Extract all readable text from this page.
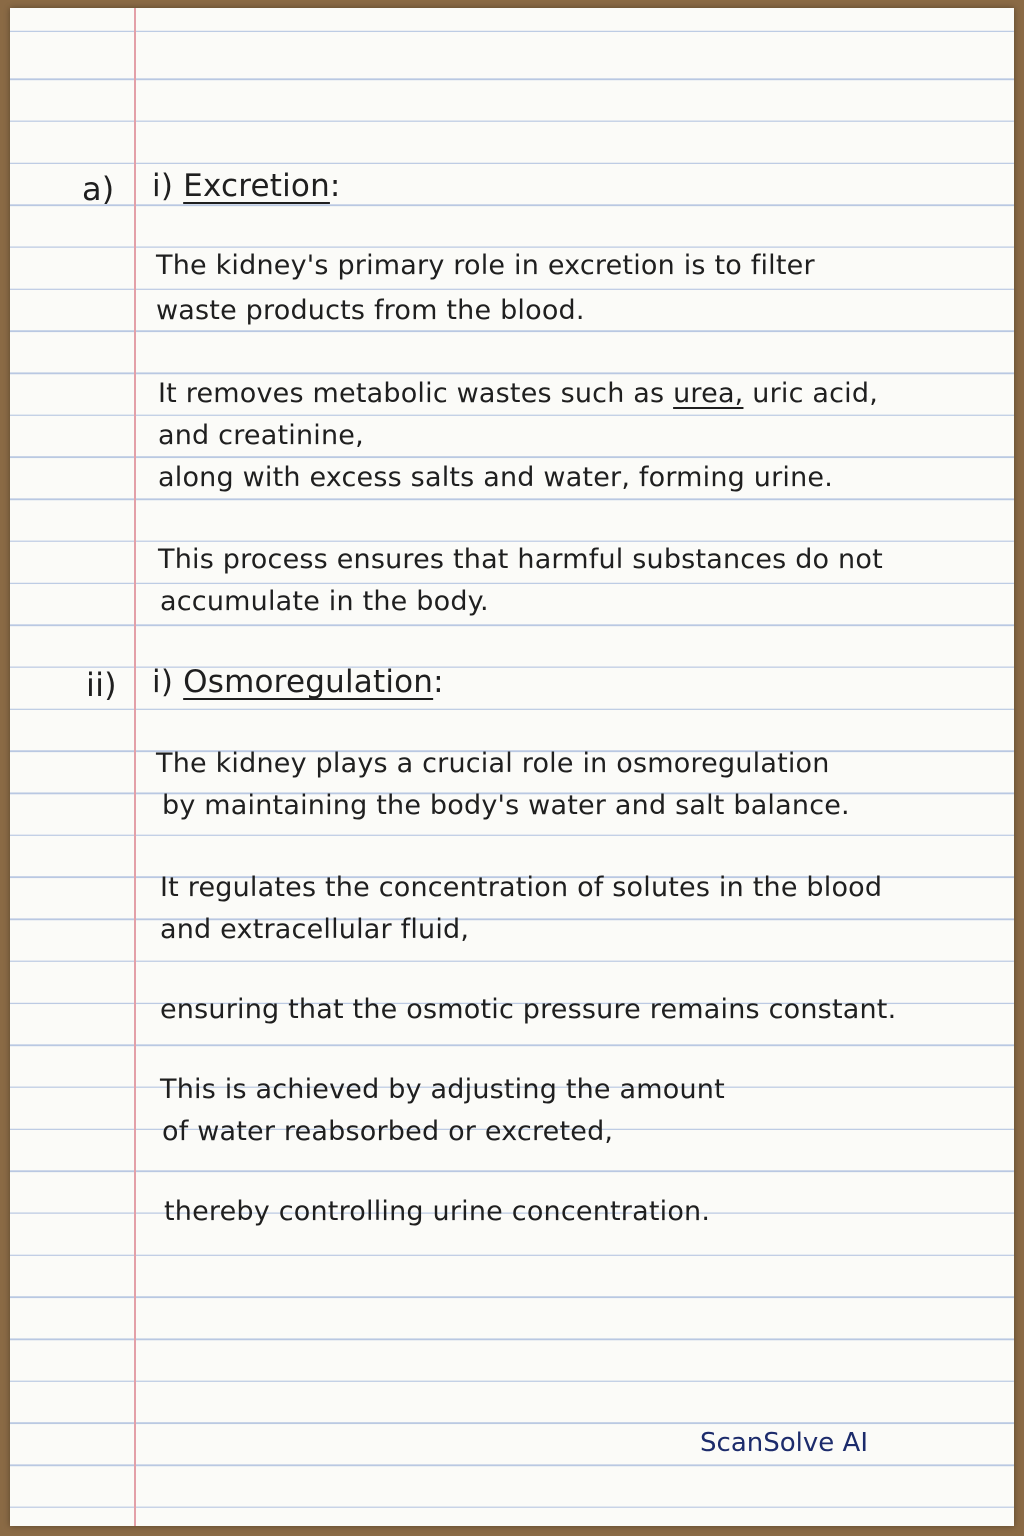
a) i) Excretion:
The kidney's primary role in excretion is to filter
waste products from the blood.
It removes metabolic wastes such as urea, uric acid,
and creatinine,
along with excess salts and water, forming urine.
This process ensures that harmful substances do not
accumulate in the body.
ii) i) Osmoregulation:
The kidney plays a crucial role in osmoregulation
by maintaining the body's water and salt balance.
It regulates the concentration of solutes in the blood
and extracellular fluid,
ensuring that the osmotic pressure remains constant.
This is achieved by adjusting the amount
of water reabsorbed or excreted,
thereby controlling urine concentration.
ScanSolve AI
